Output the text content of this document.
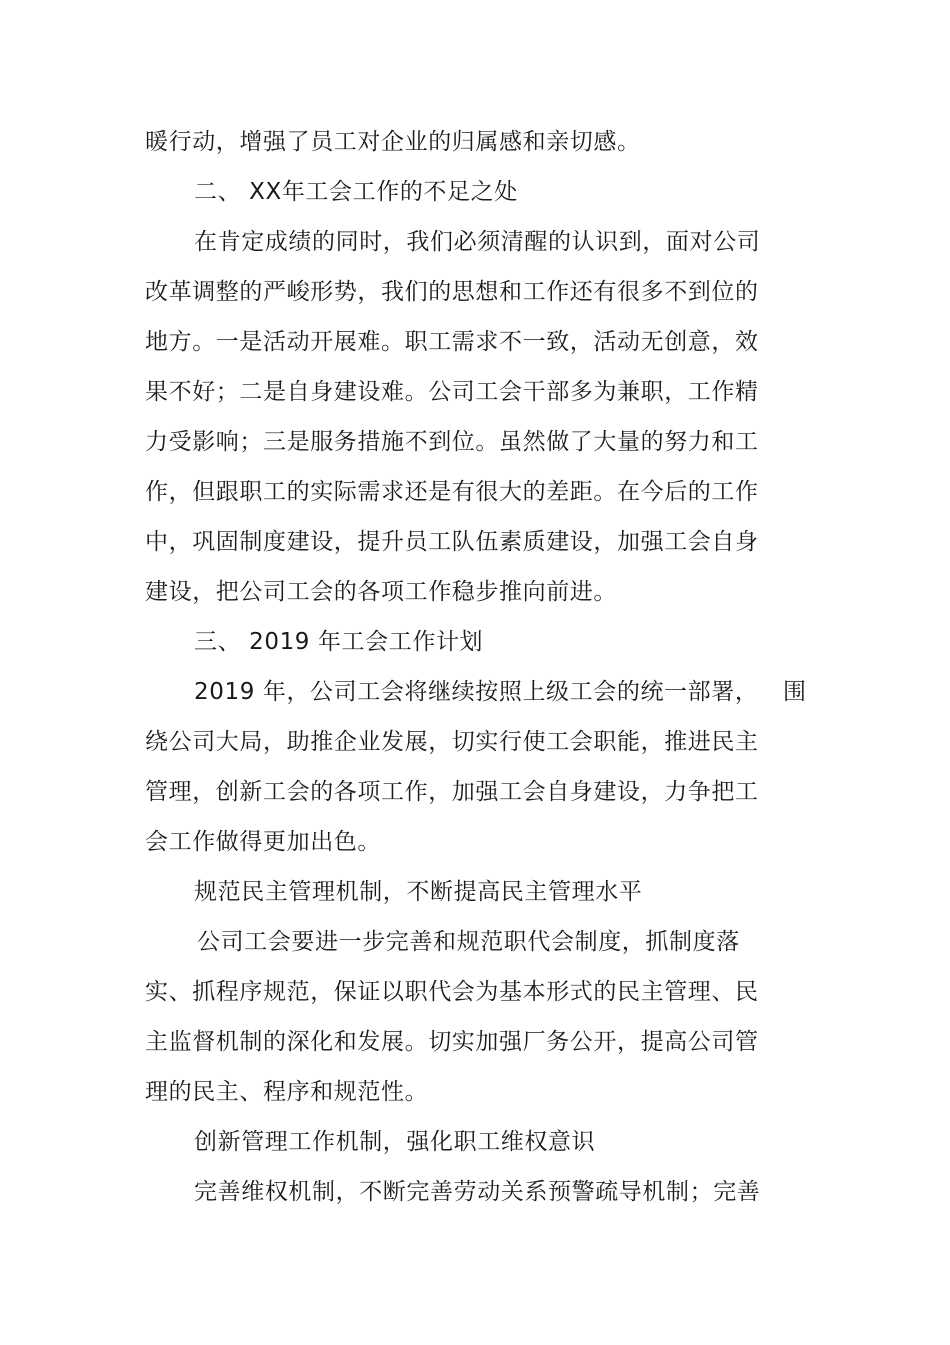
暖行动，增强了员工对企业的归属感和亲切感。
二、 XX年工会工作的不足之处
在肯定成绩的同时，我们必须清醒的认识到，面对公司
改革调整的严峻形势，我们的思想和工作还有很多不到位的
地方。一是活动开展难。职工需求不一致，活动无创意，效
果不好；二是自身建设难。公司工会干部多为兼职，工作精
力受影响；三是服务措施不到位。虽然做了大量的努力和工
作，但跟职工的实际需求还是有很大的差距。在今后的工作
中，巩固制度建设，提升员工队伍素质建设，加强工会自身
建设，把公司工会的各项工作稳步推向前进。
三、 2019 年工会工作计划
2019 年，公司工会将继续按照上级工会的统一部署， 围
绕公司大局，助推企业发展，切实行使工会职能，推进民主
管理，创新工会的各项工作，加强工会自身建设，力争把工
会工作做得更加出色。
规范民主管理机制，不断提高民主管理水平
公司工会要进一步完善和规范职代会制度，抓制度落
实、抓程序规范，保证以职代会为基本形式的民主管理、民
主监督机制的深化和发展。切实加强厂务公开，提高公司管
理的民主、程序和规范性。
创新管理工作机制，强化职工维权意识
完善维权机制，不断完善劳动关系预警疏导机制；完善
